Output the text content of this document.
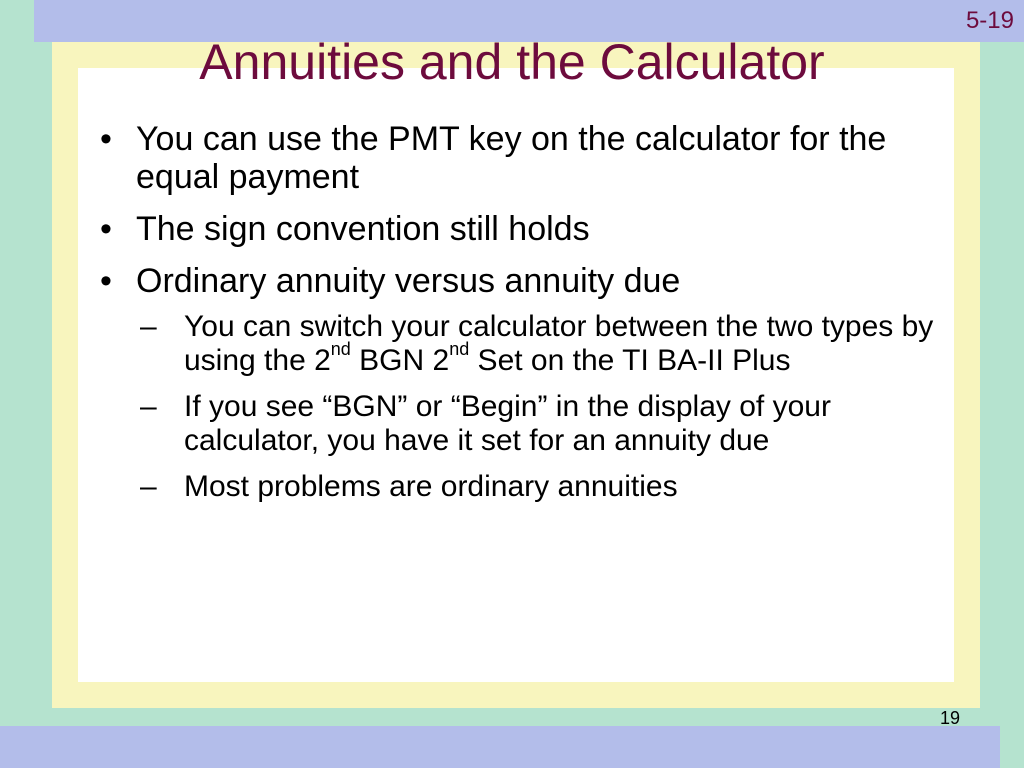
5-19
Annuities and the Calculator
• You can use the PMT key on the calculator for the equal payment
• The sign convention still holds
• Ordinary annuity versus annuity due
– You can switch your calculator between the two types by using the 2nd BGN 2nd Set on the TI BA-II Plus
– If you see “BGN” or “Begin” in the display of your calculator, you have it set for an annuity due
– Most problems are ordinary annuities
19
